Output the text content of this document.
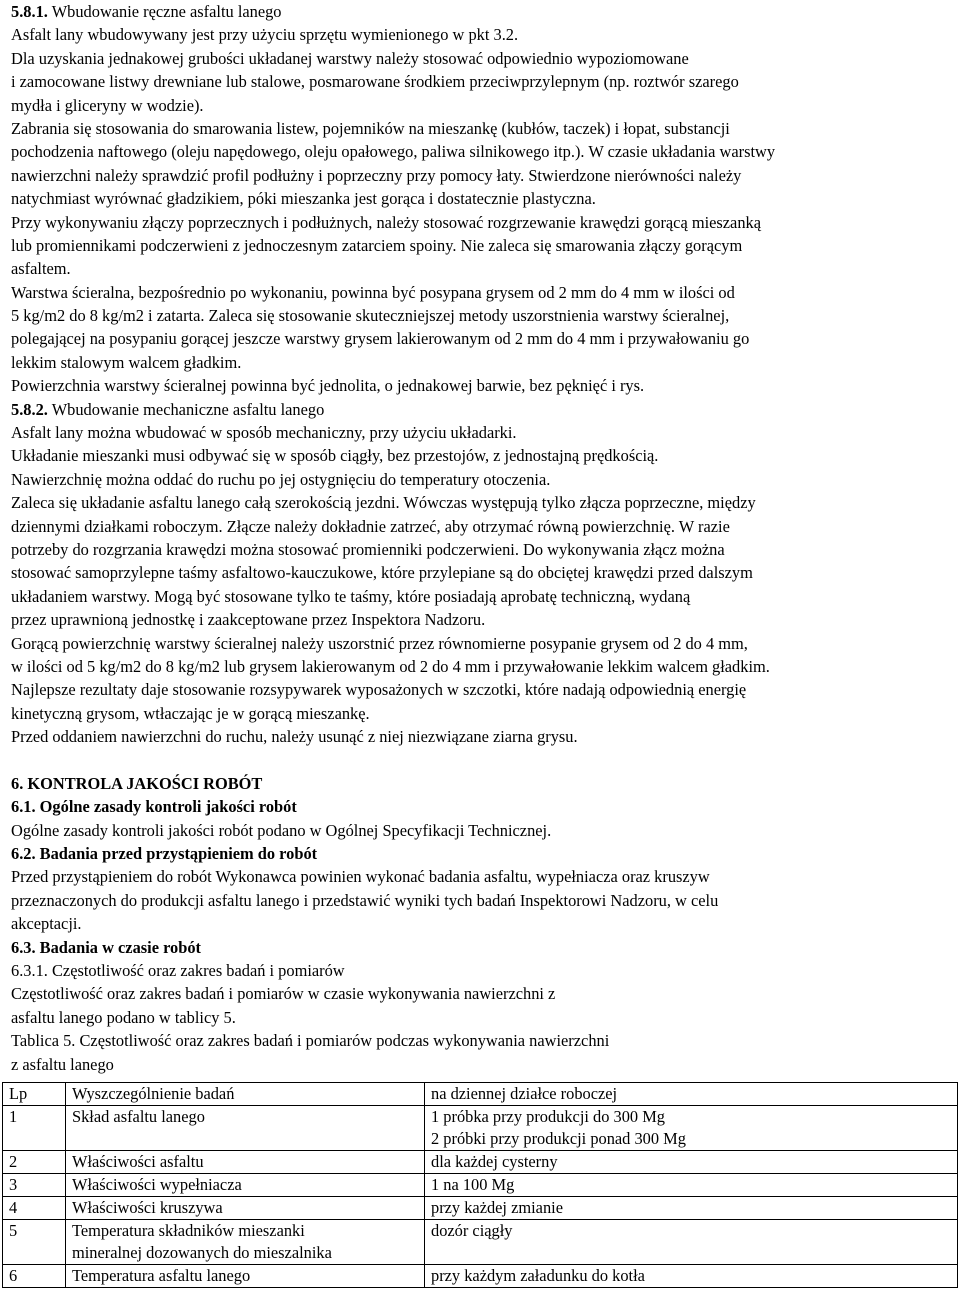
5.8.1. Wbudowanie ręczne asfaltu lanego
Asfalt lany wbudowywany jest przy użyciu sprzętu wymienionego w pkt 3.2.
Dla uzyskania jednakowej grubości układanej warstwy należy stosować odpowiednio wypoziomowane
i zamocowane listwy drewniane lub stalowe, posmarowane środkiem przeciwprzylepnym (np. roztwór szarego
mydła i gliceryny w wodzie).
Zabrania się stosowania do smarowania listew, pojemników na mieszankę (kubłów, taczek) i łopat, substancji
pochodzenia naftowego (oleju napędowego, oleju opałowego, paliwa silnikowego itp.). W czasie układania warstwy
nawierzchni należy sprawdzić profil podłużny i poprzeczny przy pomocy łaty. Stwierdzone nierówności należy
natychmiast wyrównać gładzikiem, póki mieszanka jest gorąca i dostatecznie plastyczna.
Przy wykonywaniu złączy poprzecznych i podłużnych, należy stosować rozgrzewanie krawędzi gorącą mieszanką
lub promiennikami podczerwieni z jednoczesnym zatarciem spoiny. Nie zaleca się smarowania złączy gorącym
asfaltem.
Warstwa ścieralna, bezpośrednio po wykonaniu, powinna być posypana grysem od 2 mm do 4 mm w ilości od
5 kg/m2 do 8 kg/m2 i zatarta. Zaleca się stosowanie skuteczniejszej metody uszorstnienia warstwy ścieralnej,
polegającej na posypaniu gorącej jeszcze warstwy grysem lakierowanym od 2 mm do 4 mm i przywałowaniu go
lekkim stalowym walcem gładkim.
Powierzchnia warstwy ścieralnej powinna być jednolita, o jednakowej barwie, bez pęknięć i rys.
5.8.2. Wbudowanie mechaniczne asfaltu lanego
Asfalt lany można wbudować w sposób mechaniczny, przy użyciu układarki.
Układanie mieszanki musi odbywać się w sposób ciągły, bez przestojów, z jednostajną prędkością.
Nawierzchnię można oddać do ruchu po jej ostygnięciu do temperatury otoczenia.
Zaleca się układanie asfaltu lanego całą szerokością jezdni. Wówczas występują tylko złącza poprzeczne, między
dziennymi działkami roboczym. Złącze należy dokładnie zatrzeć, aby otrzymać równą powierzchnię. W razie
potrzeby do rozgrzania krawędzi można stosować promienniki podczerwieni. Do wykonywania złącz można
stosować samoprzylepne taśmy asfaltowo-kauczukowe, które przylepiane są do obciętej krawędzi przed dalszym
układaniem warstwy. Mogą być stosowane tylko te taśmy, które posiadają aprobatę techniczną, wydaną
przez uprawnioną jednostkę i zaakceptowane przez Inspektora Nadzoru.
Gorącą powierzchnię warstwy ścieralnej należy uszorstnić przez równomierne posypanie grysem od 2 do 4 mm,
w ilości od 5 kg/m2 do 8 kg/m2 lub grysem lakierowanym od 2 do 4 mm i przywałowanie lekkim walcem gładkim.
Najlepsze rezultaty daje stosowanie rozsypywarek wyposażonych w szczotki, które nadają odpowiednią energię
kinetyczną grysom, wtłaczając je w gorącą mieszankę.
Przed oddaniem nawierzchni do ruchu, należy usunąć z niej niezwiązane ziarna grysu.
6. KONTROLA JAKOŚCI ROBÓT
6.1. Ogólne zasady kontroli jakości robót
Ogólne zasady kontroli jakości robót podano w Ogólnej Specyfikacji Technicznej.
6.2. Badania przed przystąpieniem do robót
Przed przystąpieniem do robót Wykonawca powinien wykonać badania asfaltu, wypełniacza oraz kruszyw
przeznaczonych do produkcji asfaltu lanego i przedstawić wyniki tych badań Inspektorowi Nadzoru, w celu
akceptacji.
6.3. Badania w czasie robót
6.3.1. Częstotliwość oraz zakres badań i pomiarów
Częstotliwość oraz zakres badań i pomiarów w czasie wykonywania nawierzchni z
asfaltu lanego podano w tablicy 5.
Tablica 5. Częstotliwość oraz zakres badań i pomiarów podczas wykonywania nawierzchni
z asfaltu lanego
Lp	Wyszczególnienie badań	na dziennej działce roboczej
1	Skład asfaltu lanego	1 próbka przy produkcji do 300 Mg
2 próbki przy produkcji ponad 300 Mg

2	Właściwości asfaltu	dla każdej cysterny

3	Właściwości wypełniacza	1 na 100 Mg

4	Właściwości kruszywa	przy każdej zmianie

5	Temperatura składników mieszanki
mineralnej dozowanych do mieszalnika	dozór ciągły

6	Temperatura asfaltu lanego	przy każdym załadunku do kotła
